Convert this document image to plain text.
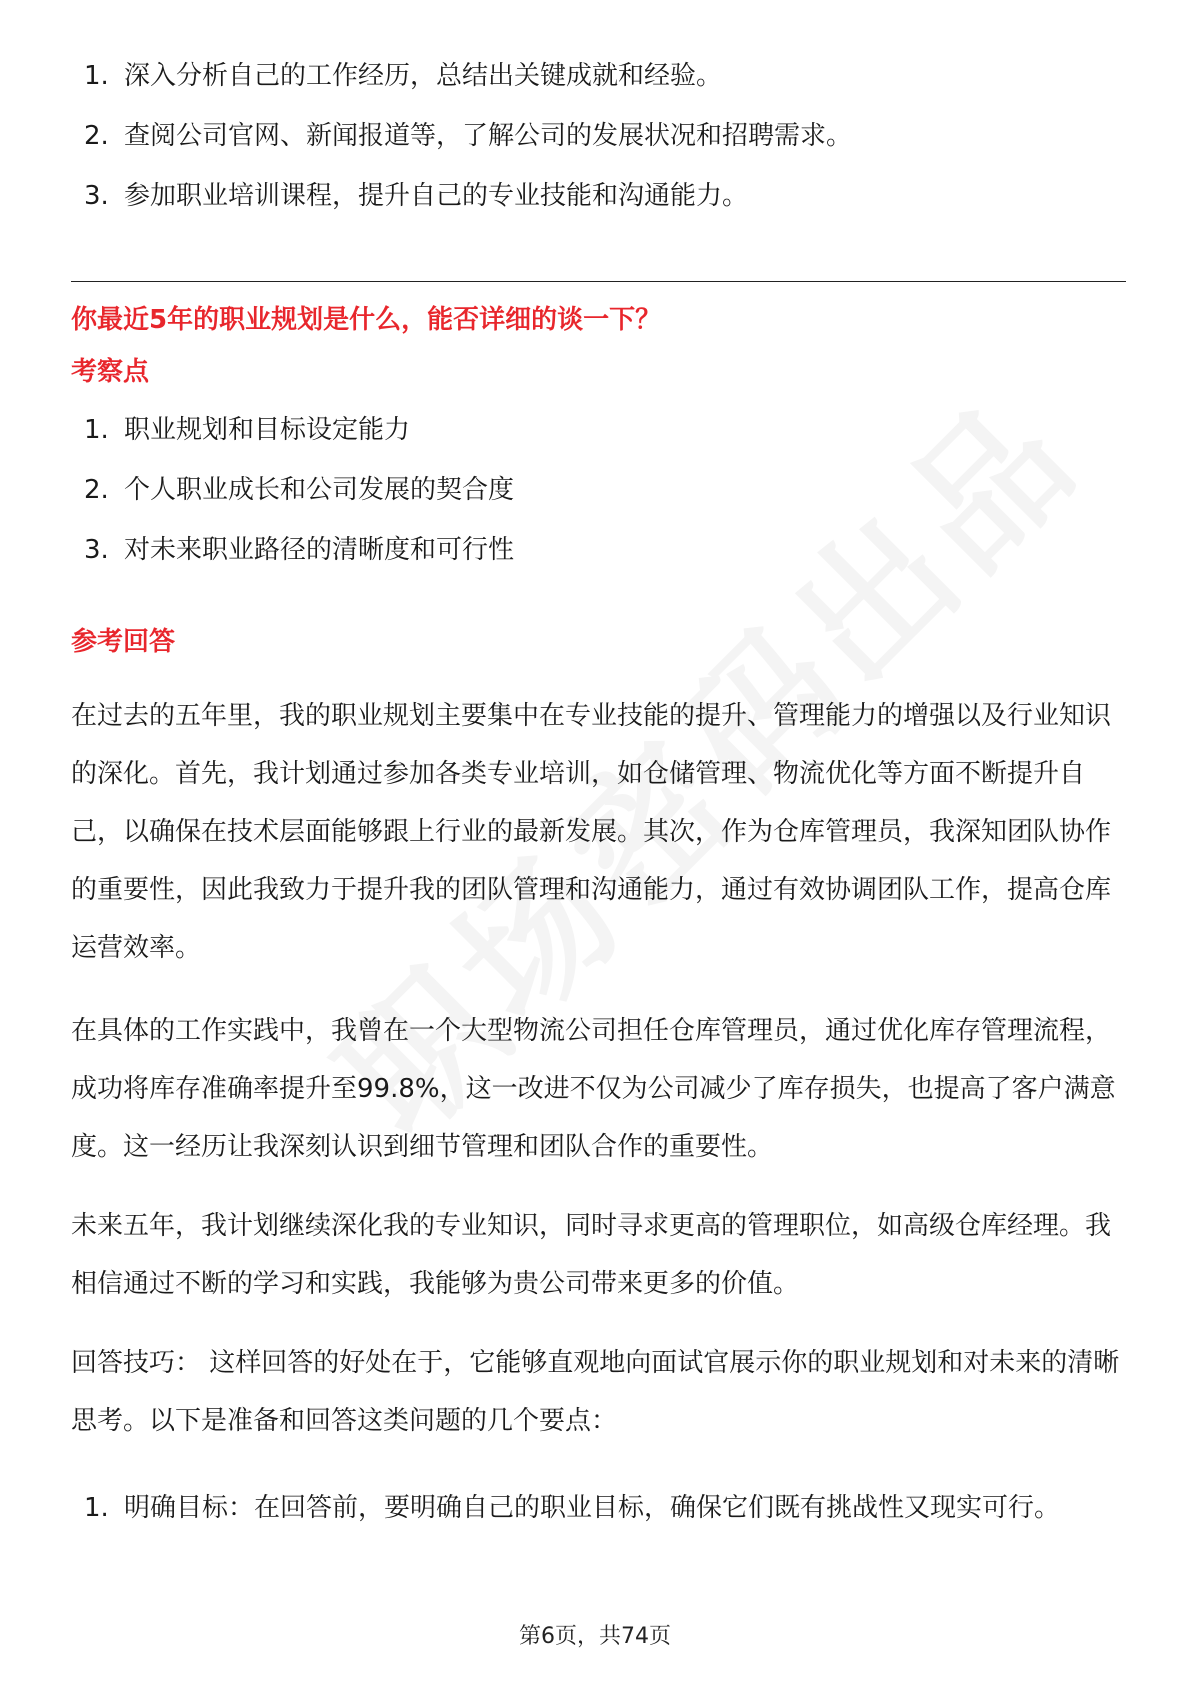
1. 深入分析自己的工作经历，总结出关键成就和经验。
2. 查阅公司官网、新闻报道等，了解公司的发展状况和招聘需求。
3. 参加职业培训课程，提升自己的专业技能和沟通能力。
你最近5年的职业规划是什么，能否详细的谈一下？
考察点
1. 职业规划和目标设定能力
2. 个人职业成长和公司发展的契合度
3. 对未来职业路径的清晰度和可行性
参考回答

在过去的五年里，我的职业规划主要集中在专业技能的提升、管理能力的增强以及行业知识的深化。首先，我计划通过参加各类专业培训，如仓储管理、物流优化等方面不断提升自己，以确保在技术层面能够跟上行业的最新发展。其次，作为仓库管理员，我深知团队协作的重要性，因此我致力于提升我的团队管理和沟通能力，通过有效协调团队工作，提高仓库运营效率。

在具体的工作实践中，我曾在一个大型物流公司担任仓库管理员，通过优化库存管理流程，成功将库存准确率提升至99.8%，这一改进不仅为公司减少了库存损失，也提高了客户满意度。这一经历让我深刻认识到细节管理和团队合作的重要性。

未来五年，我计划继续深化我的专业知识，同时寻求更高的管理职位，如高级仓库经理。我相信通过不断的学习和实践，我能够为贵公司带来更多的价值。

回答技巧： 这样回答的好处在于，它能够直观地向面试官展示你的职业规划和对未来的清晰思考。以下是准备和回答这类问题的几个要点：

1. 明确目标：在回答前，要明确自己的职业目标，确保它们既有挑战性又现实可行。
第6页，共74页
